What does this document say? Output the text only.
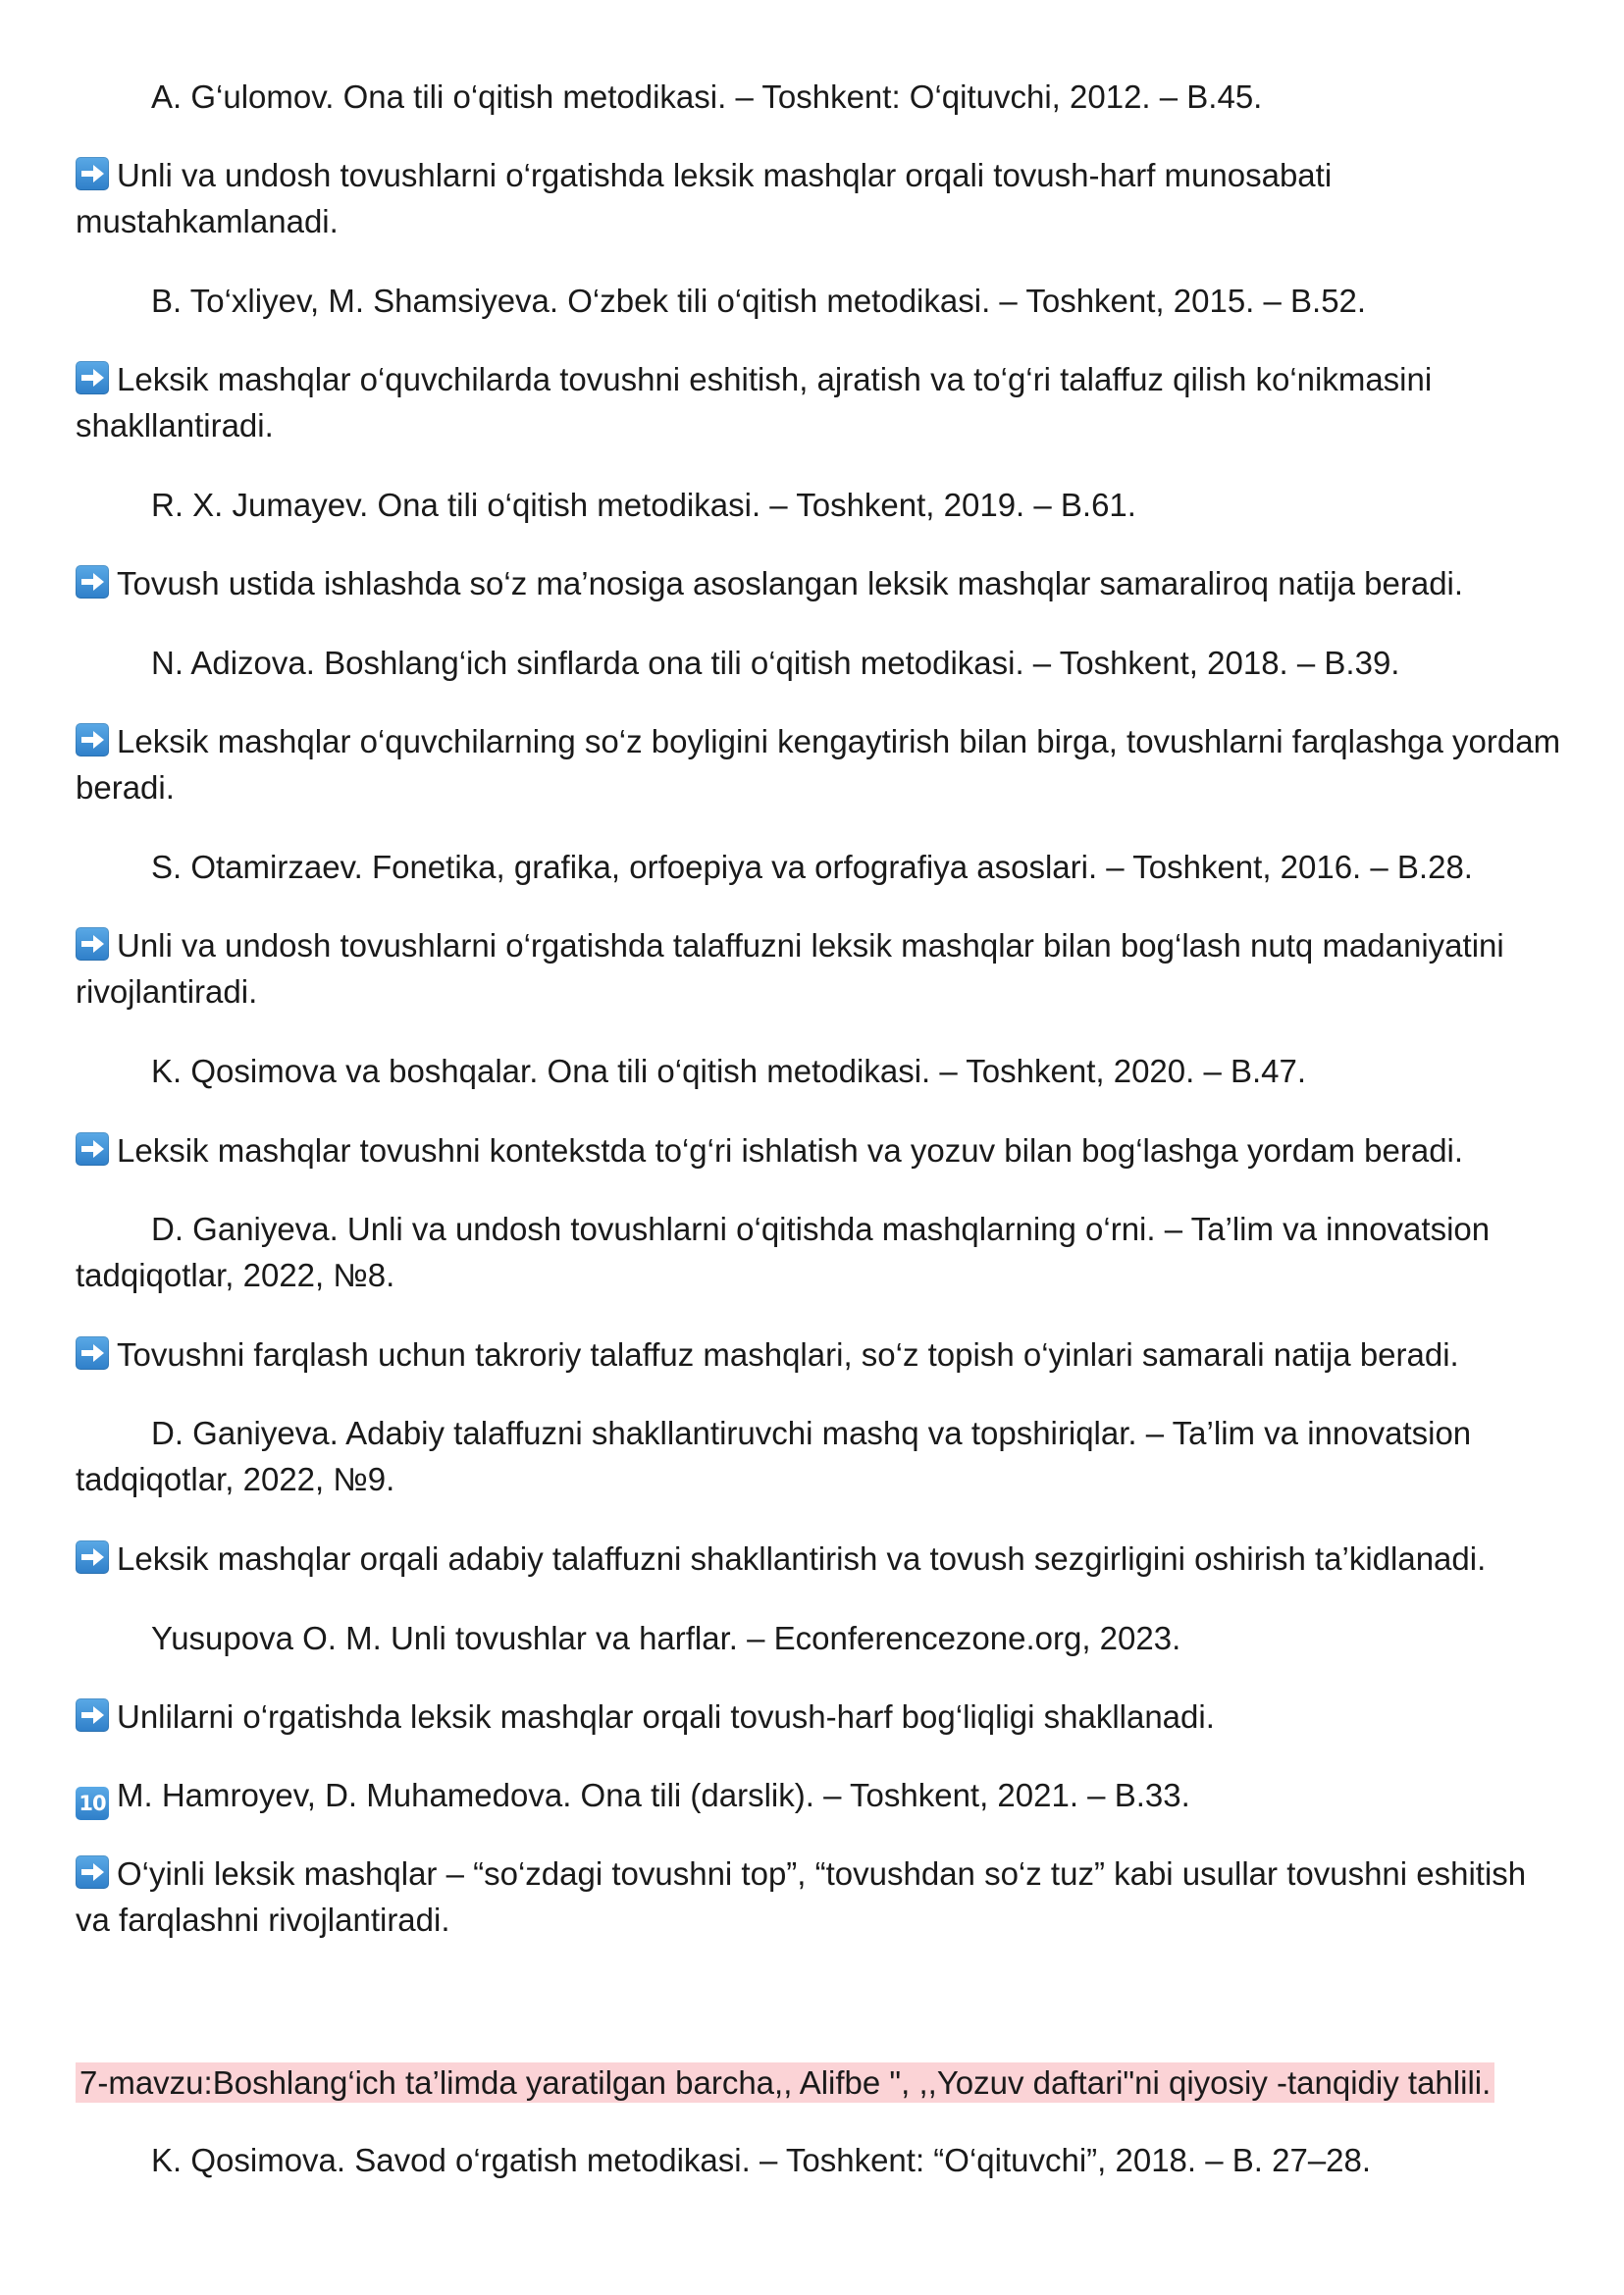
A. G‘ulomov. Ona tili o‘qitish metodikasi. – Toshkent: O‘qituvchi, 2012. – B.45.
Unli va undosh tovushlarni o‘rgatishda leksik mashqlar orqali tovush-harf munosabati mustahkamlanadi.
B. To‘xliyev, M. Shamsiyeva. O‘zbek tili o‘qitish metodikasi. – Toshkent, 2015. – B.52.
Leksik mashqlar o‘quvchilarda tovushni eshitish, ajratish va to‘g‘ri talaffuz qilish ko‘nikmasini shakllantiradi.
R. X. Jumayev. Ona tili o‘qitish metodikasi. – Toshkent, 2019. – B.61.
Tovush ustida ishlashda so‘z ma’nosiga asoslangan leksik mashqlar samaraliroq natija beradi.
N. Adizova. Boshlang‘ich sinflarda ona tili o‘qitish metodikasi. – Toshkent, 2018. – B.39.
Leksik mashqlar o‘quvchilarning so‘z boyligini kengaytirish bilan birga, tovushlarni farqlashga yordam beradi.
S. Otamirzaev. Fonetika, grafika, orfoepiya va orfografiya asoslari. – Toshkent, 2016. – B.28.
Unli va undosh tovushlarni o‘rgatishda talaffuzni leksik mashqlar bilan bog‘lash nutq madaniyatini rivojlantiradi.
K. Qosimova va boshqalar. Ona tili o‘qitish metodikasi. – Toshkent, 2020. – B.47.
Leksik mashqlar tovushni kontekstda to‘g‘ri ishlatish va yozuv bilan bog‘lashga yordam beradi.
D. Ganiyeva. Unli va undosh tovushlarni o‘qitishda mashqlarning o‘rni. – Ta’lim va innovatsion tadqiqotlar, 2022, №8.
Tovushni farqlash uchun takroriy talaffuz mashqlari, so‘z topish o‘yinlari samarali natija beradi.
D. Ganiyeva. Adabiy talaffuzni shakllantiruvchi mashq va topshiriqlar. – Ta’lim va innovatsion tadqiqotlar, 2022, №9.
Leksik mashqlar orqali adabiy talaffuzni shakllantirish va tovush sezgirligini oshirish ta’kidlanadi.
Yusupova O. M. Unli tovushlar va harflar. – Econferencezone.org, 2023.
Unlilarni o‘rgatishda leksik mashqlar orqali tovush-harf bog‘liqligi shakllanadi.
10 M. Hamroyev, D. Muhamedova. Ona tili (darslik). – Toshkent, 2021. – B.33.
O‘yinli leksik mashqlar – “so‘zdagi tovushni top”, “tovushdan so‘z tuz” kabi usullar tovushni eshitish va farqlashni rivojlantiradi.
7-mavzu:Boshlang‘ich ta’limda yaratilgan barcha,, Alifbe ", ,,Yozuv daftari"ni qiyosiy -tanqidiy tahlili.
K. Qosimova. Savod o‘rgatish metodikasi. – Toshkent: “O‘qituvchi”, 2018. – B. 27–28.
